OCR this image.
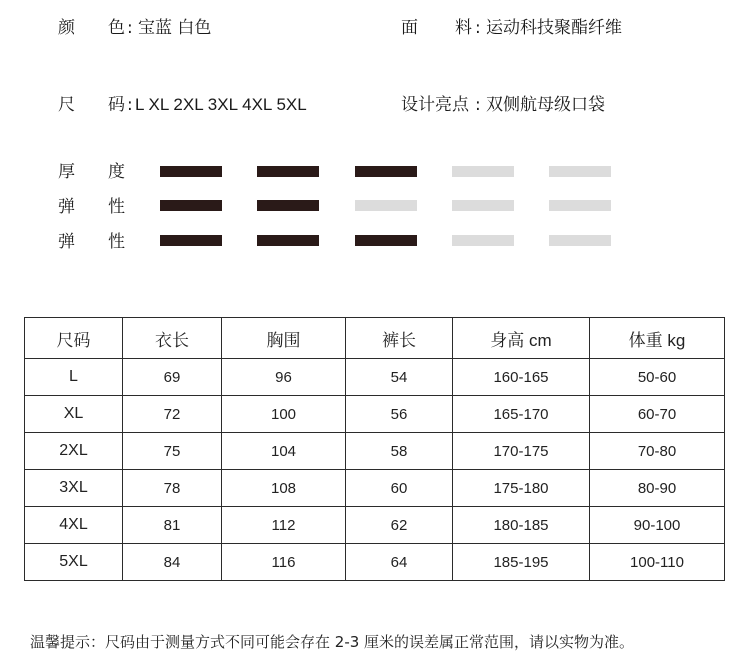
颜 色 : 宝蓝 白色	面 料 : 运动科技聚酯纤维
尺 码 : L XL 2XL 3XL 4XL 5XL	设计亮点 : 双侧航母级口袋
厚 度
弹 性
弹 性
尺码	衣长	胸围	裤长	身高 cm	体重 kg
L	69	96	54	160-165	50-60
XL	72	100	56	165-170	60-70
2XL	75	104	58	170-175	70-80
3XL	78	108	60	175-180	80-90
4XL	81	112	62	180-185	90-100
5XL	84	116	64	185-195	100-110
温馨提示：尺码由于测量方式不同可能会存在 2-3 厘米的误差属正常范围，请以实物为准。
